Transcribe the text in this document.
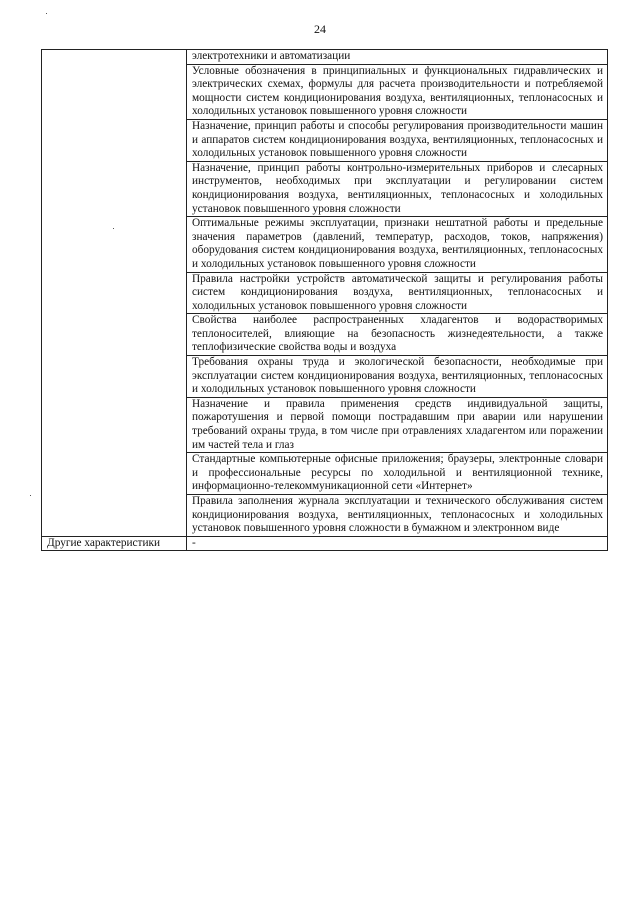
24
	электротехники и автоматизации
	Условные обозначения в принципиальных и функциональных гидравлических и электрических схемах, формулы для расчета производительности и потребляемой мощности систем кондиционирования воздуха, вентиляционных, теплонасосных и холодильных установок повышенного уровня сложности
	Назначение, принцип работы и способы регулирования производительности машин и аппаратов систем кондиционирования воздуха, вентиляционных, теплонасосных и холодильных установок повышенного уровня сложности
	Назначение, принцип работы контрольно-измерительных приборов и слесарных инструментов, необходимых при эксплуатации и регулировании систем кондиционирования воздуха, вентиляционных, теплонасосных и холодильных установок повышенного уровня сложности
	Оптимальные режимы эксплуатации, признаки нештатной работы и предельные значения параметров (давлений, температур, расходов, токов, напряжения) оборудования систем кондиционирования воздуха, вентиляционных, теплонасосных и холодильных установок повышенного уровня сложности
	Правила настройки устройств автоматической защиты и регулирования работы систем кондиционирования воздуха, вентиляционных, теплонасосных и холодильных установок повышенного уровня сложности
	Свойства наиболее распространенных хладагентов и водорастворимых теплоносителей, влияющие на безопасность жизнедеятельности, а также теплофизические свойства воды и воздуха
	Требования охраны труда и экологической безопасности, необходимые при эксплуатации систем кондиционирования воздуха, вентиляционных, теплонасосных и холодильных установок повышенного уровня сложности
	Назначение и правила применения средств индивидуальной защиты, пожаротушения и первой помощи пострадавшим при аварии или нарушении требований охраны труда, в том числе при отравлениях хладагентом или поражении им частей тела и глаз
	Стандартные компьютерные офисные приложения; браузеры, электронные словари и профессиональные ресурсы по холодильной и вентиляционной технике, информационно-телекоммуникационной сети «Интернет»
	Правила заполнения журнала эксплуатации и технического обслуживания систем кондиционирования воздуха, вентиляционных, теплонасосных и холодильных установок повышенного уровня сложности в бумажном и электронном виде
Другие характеристики	-
